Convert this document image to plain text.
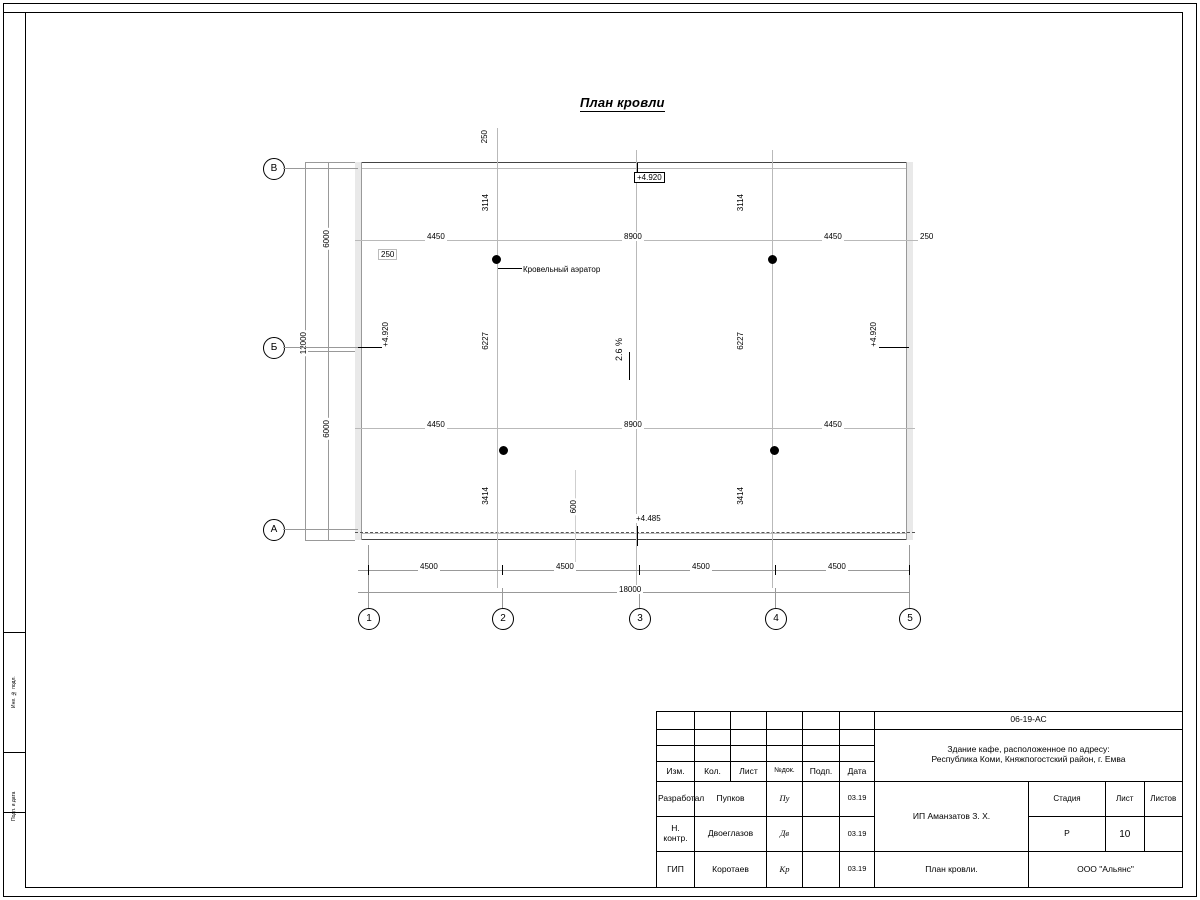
Инв. № подл.
Подп. и дата
План кровли
6000
6000
12000
В
Б
А
1	2	3	4	5
4500	4500	4500	4500
18000
4450	8900	4450	250
250
250
4450	8900	4450
3114
6227
3414
3114
6227
3414
600
+4.920
+4.920	+4.920
+4.485
2.6 %
Кровельный аэратор
						06-19-АС

Здание кафе, расположенное по адресу:
Республика Коми, Княжпогостский район, г. Емва

Изм.	Кол.	Лист	№док.	Подп.	Дата
Разработал	Пупков	Пу		03.19	ИП Аманзатов З. Х.	Стадия		Лист	Листов

Н. контр.	Двоеглазов	Дв		03.19	Р		10	

ГИП	Коротаев	Кр		03.19	План кровли.	ООО "Альянс"
